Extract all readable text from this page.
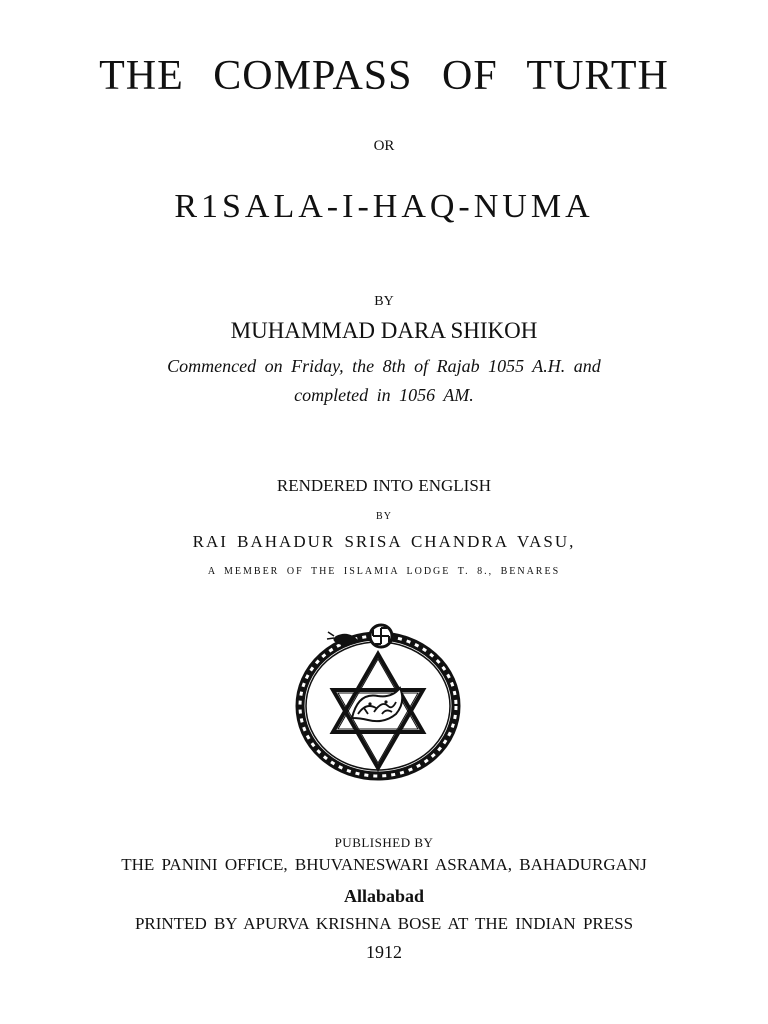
THE COMPASS OF TURTH
OR
R1SALA-I-HAQ-NUMA
BY
MUHAMMAD DARA SHIKOH
Commenced on Friday, the 8th of Rajab 1055 A.H. and
completed in 1056 AM.
RENDERED INTO ENGLISH
BY
RAI BAHADUR SRISA CHANDRA VASU,
A MEMBER OF THE ISLAMIA LODGE T. 8., BENARES
PUBLISHED BY
THE PANINI OFFICE, BHUVANESWARI ASRAMA, BAHADURGANJ
Allababad
PRINTED BY APURVA KRISHNA BOSE AT THE INDIAN PRESS
1912
